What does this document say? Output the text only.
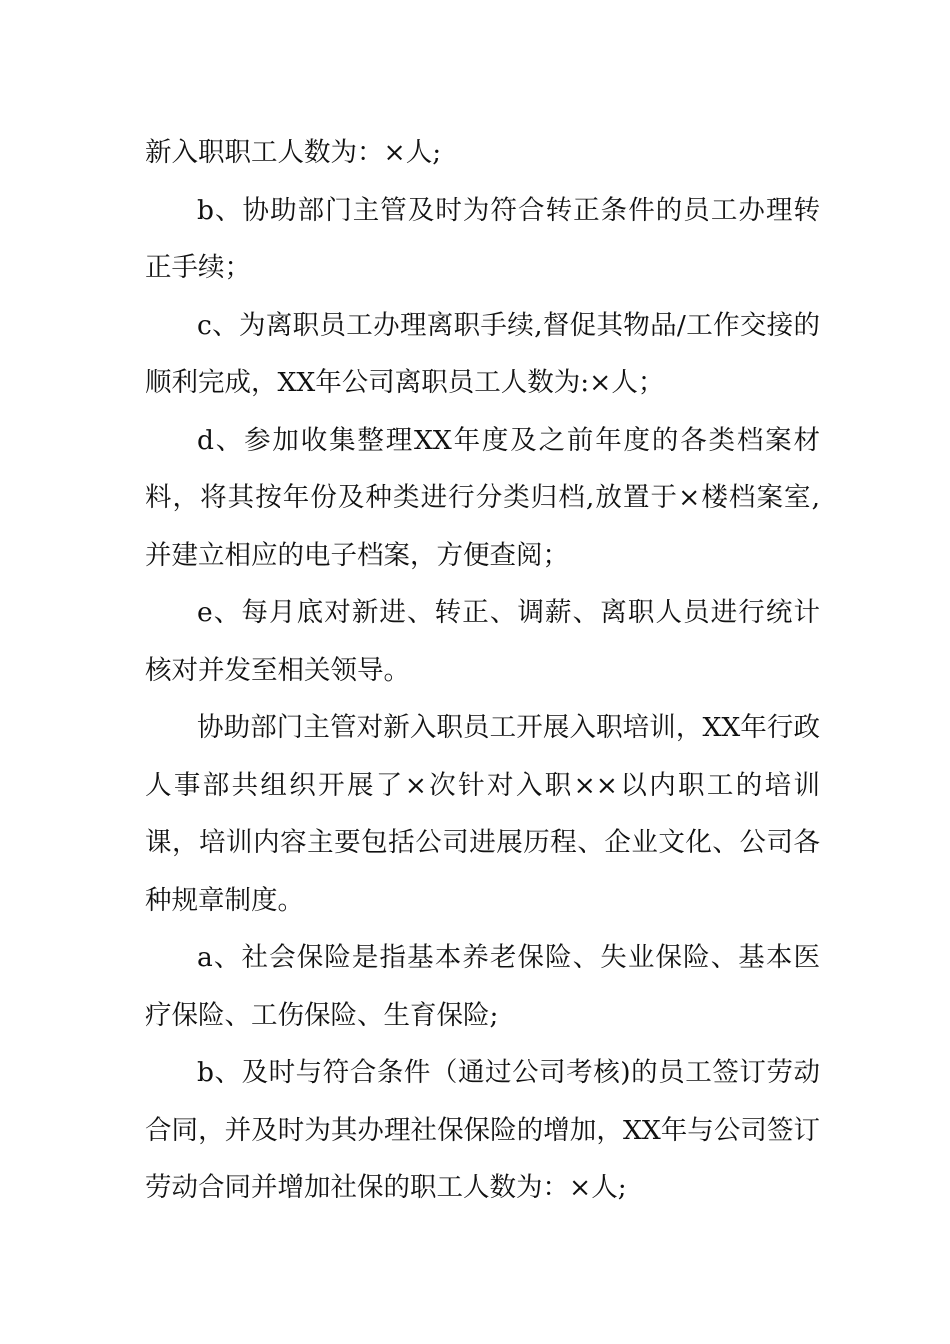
新入职职工人数为：×人;

b、协助部门主管及时为符合转正条件的员工办理转正手续；

c、为离职员工办理离职手续,督促其物品/工作交接的顺利完成，XX年公司离职员工人数为:×人；

d、参加收集整理XX年度及之前年度的各类档案材料，将其按年份及种类进行分类归档,放置于×楼档案室,并建立相应的电子档案，方便查阅；

e、每月底对新进、转正、调薪、离职人员进行统计核对并发至相关领导。

协助部门主管对新入职员工开展入职培训，XX年行政人事部共组织开展了×次针对入职××以内职工的培训课，培训内容主要包括公司进展历程、企业文化、公司各种规章制度。

a、社会保险是指基本养老保险、失业保险、基本医疗保险、工伤保险、生育保险;

b、及时与符合条件（通过公司考核)的员工签订劳动合同，并及时为其办理社保保险的增加，XX年与公司签订劳动合同并增加社保的职工人数为：×人;
